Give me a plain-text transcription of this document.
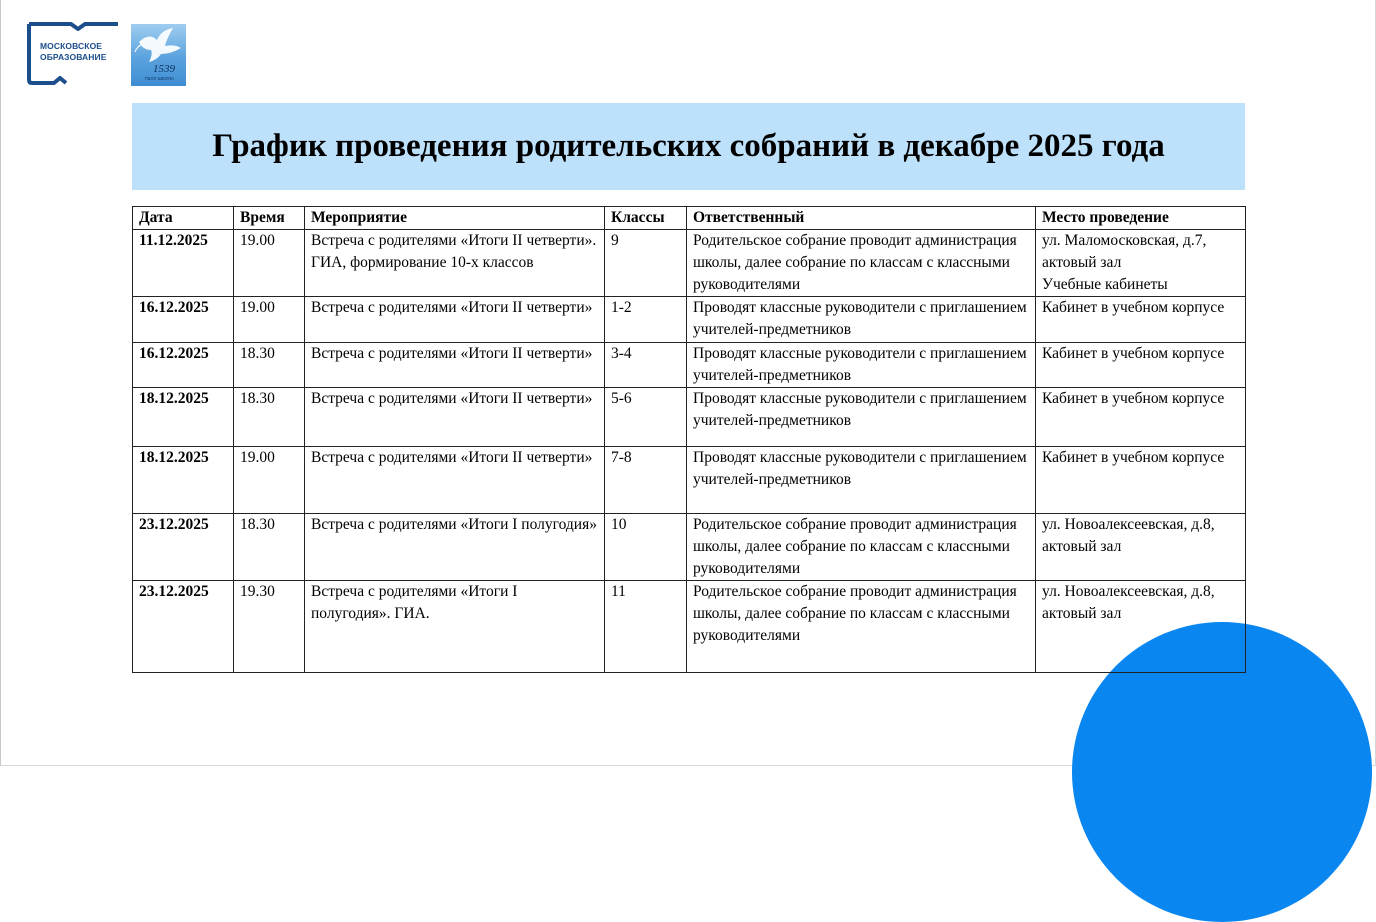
МОСКОВСКОЕ
ОБРАЗОВАНИЕ
1539
ГБОУ ШКОЛА
График проведения родительских собраний в декабре 2025 года
Дата	Время	Мероприятие	Классы	Ответственный	Место проведение
11.12.2025	19.00	Встреча с родителями «Итоги II четверти». ГИА, формирование 10-х классов	9	Родительское собрание проводит администрация школы, далее собрание по классам с классными руководителями	ул. Маломосковская, д.7,
актовый зал
Учебные кабинеты
16.12.2025	19.00	Встреча с родителями «Итоги II четверти»	1-2	Проводят классные руководители с приглашением учителей-предметников	Кабинет в учебном корпусе
16.12.2025	18.30	Встреча с родителями «Итоги II четверти»	3-4	Проводят классные руководители с приглашением учителей-предметников	Кабинет в учебном корпусе
18.12.2025	18.30	Встреча с родителями «Итоги II четверти»	5-6	Проводят классные руководители с приглашением учителей-предметников	Кабинет в учебном корпусе
18.12.2025	19.00	Встреча с родителями «Итоги II четверти»	7-8	Проводят классные руководители с приглашением учителей-предметников	Кабинет в учебном корпусе
23.12.2025	18.30	Встреча с родителями «Итоги I полугодия»	10	Родительское собрание проводит администрация школы, далее собрание по классам с классными руководителями	ул. Новоалексеевская, д.8, актовый зал
23.12.2025	19.30	Встреча с родителями «Итоги I полугодия». ГИА.	11	Родительское собрание проводит администрация школы, далее собрание по классам с классными руководителями	ул. Новоалексеевская, д.8, актовый зал
